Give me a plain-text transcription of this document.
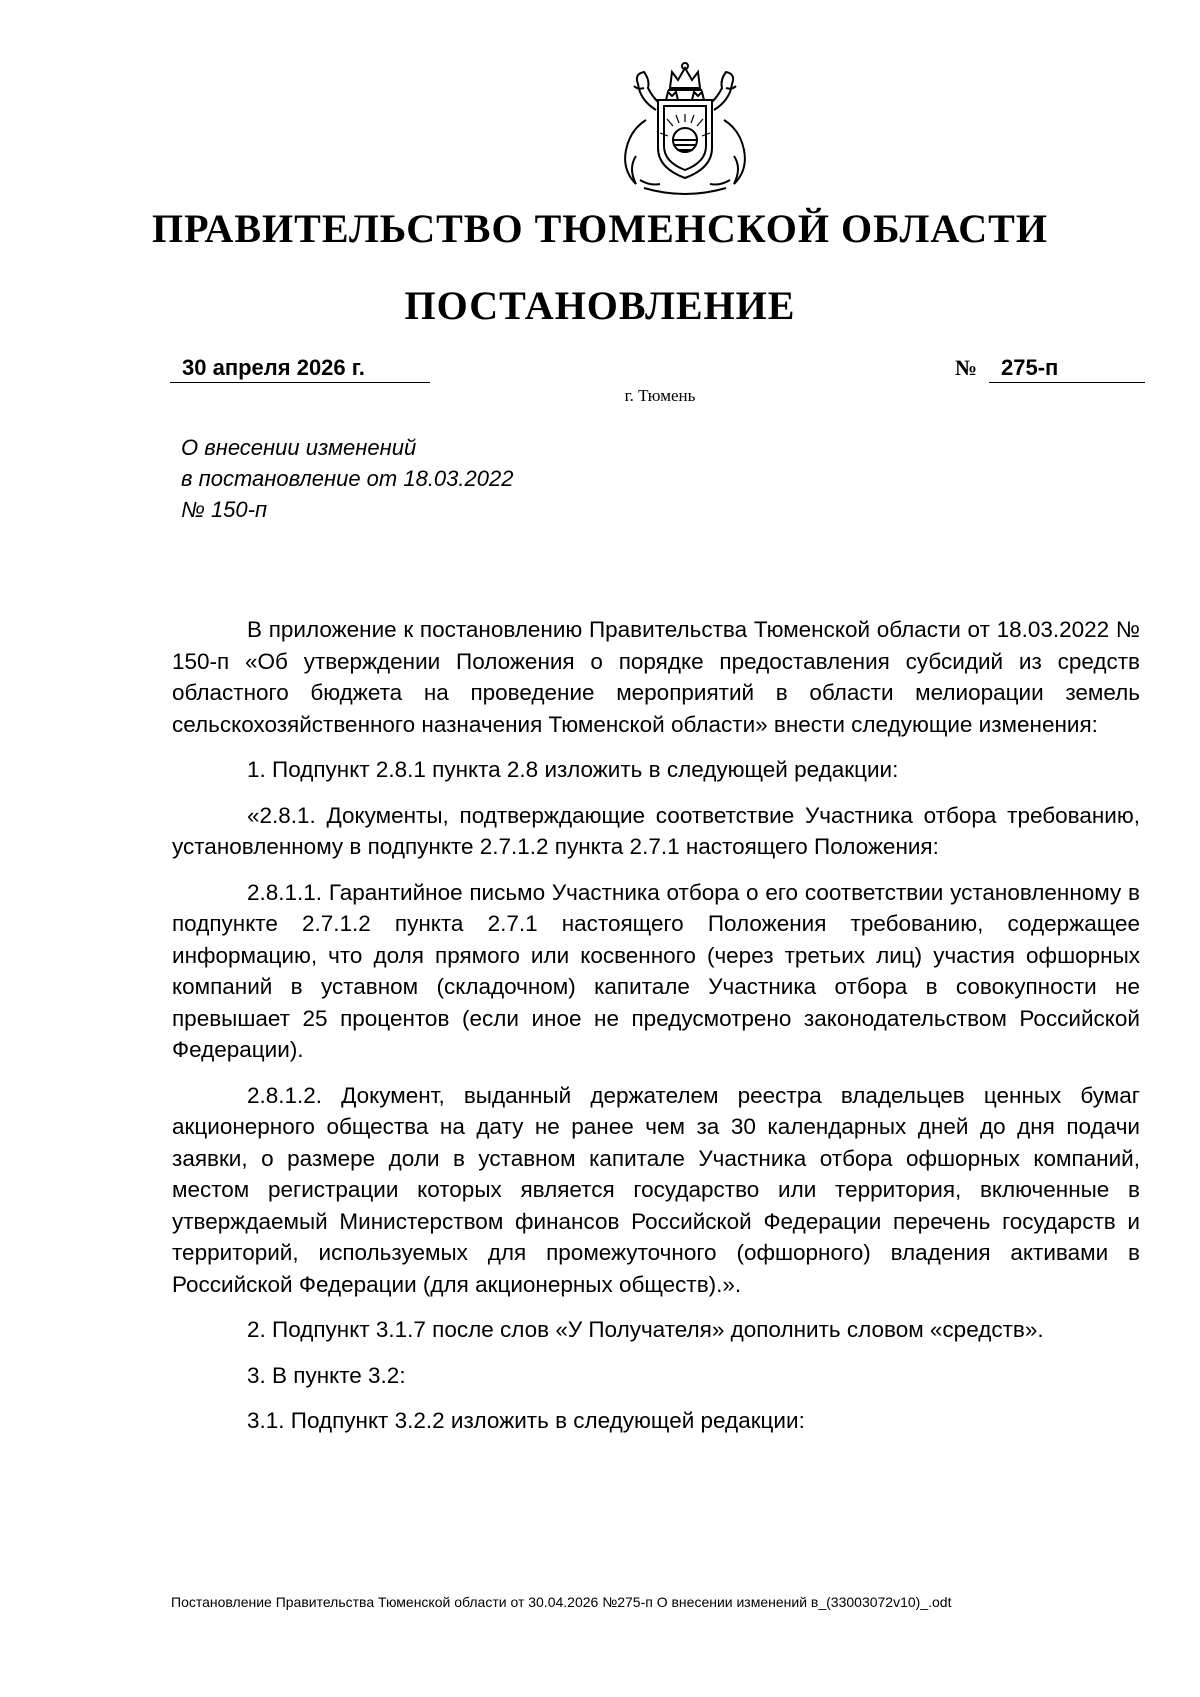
ПРАВИТЕЛЬСТВО ТЮМЕНСКОЙ ОБЛАСТИ
ПОСТАНОВЛЕНИЕ
30 апреля 2026 г.	№	275-п
г. Тюмень
О внесении изменений
в постановление от 18.03.2022
№ 150-п

В приложение к постановлению Правительства Тюменской области от 18.03.2022 № 150-п «Об утверждении Положения о порядке предоставления субсидий из средств областного бюджета на проведение мероприятий в области мелиорации земель сельскохозяйственного назначения Тюменской области» внести следующие изменения:

1. Подпункт 2.8.1 пункта 2.8 изложить в следующей редакции:

«2.8.1. Документы, подтверждающие соответствие Участника отбора требованию, установленному в подпункте 2.7.1.2 пункта 2.7.1 настоящего Положения:

2.8.1.1. Гарантийное письмо Участника отбора о его соответствии установленному в подпункте 2.7.1.2 пункта 2.7.1 настоящего Положения требованию, содержащее информацию, что доля прямого или косвенного (через третьих лиц) участия офшорных компаний в уставном (складочном) капитале Участника отбора в совокупности не превышает 25 процентов (если иное не предусмотрено законодательством Российской Федерации).

2.8.1.2. Документ, выданный держателем реестра владельцев ценных бумаг акционерного общества на дату не ранее чем за 30 календарных дней до дня подачи заявки, о размере доли в уставном капитале Участника отбора офшорных компаний, местом регистрации которых является государство или территория, включенные в утверждаемый Министерством финансов Российской Федерации перечень государств и территорий, используемых для промежуточного (офшорного) владения активами в Российской Федерации (для акционерных обществ).».

2. Подпункт 3.1.7 после слов «У Получателя» дополнить словом «средств».

3. В пункте 3.2:

3.1. Подпункт 3.2.2 изложить в следующей редакции:

Постановление Правительства Тюменской области от 30.04.2026 №275-п О внесении изменений в_(33003072v10)_.odt
